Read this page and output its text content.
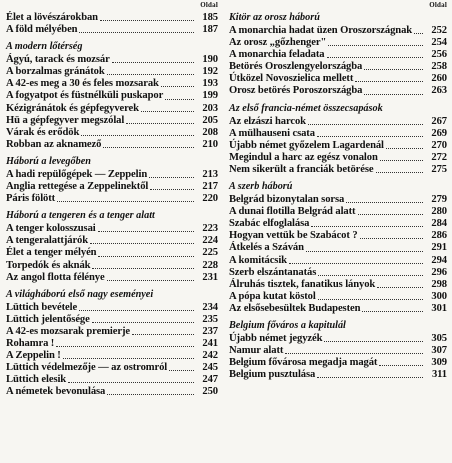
Oldal
Élet a lövészárokban	185
A föld mélyében	187
A modern lőtérség
Ágyú, tarack és mozsár	190
A borzalmas gránátok	192
A 42-es meg a 30 és feles mozsarak	193
A fogyatpot és füstnélküli puskapor	199
Kézigránátok és gépfegyverek	203
Hü a gépfegyver megszólal	205
Várak és erődök	208
Robban az aknamező	210
Háború a levegőben
A hadi repülőgépek — Zeppelin	213
Anglia rettegése a Zeppelinektől	217
Páris fölött	220
Háború a tengeren és a tenger alatt
A tenger kolosszusai	223
A tengeralattjárók	224
Élet a tenger mélyén	225
Torpedók és aknák	228
Az angol flotta félénye	231
A világháború első nagy eseményei
Lüttich bevétele	234
Lüttich jelentősége	235
A 42-es mozsarak premierje	237
Rohamra !	241
A Zeppelin !	242
Lüttich védelmezője — az ostromról	245
Lüttich elesik	247
A németek bevonulása	250
Oldal
Kitör az orosz háború
A monarchia hadat üzen Oroszországnak	252
Az orosz „gőzhenger"	254
A monarchia feladata	256
Betörés Oroszlengyelországba	258
Útközel Novoszielica mellett	260
Orosz betörés Poroszországba	263
Az első francia-német összecsapások
Az elzászi harcok	267
A mülhauseni csata	269
Újabb német győzelem Lagardenál	270
Megindul a harc az egész vonalon	272
Nem sikerült a franciák betörése	275
A szerb háború
Belgrád bizonytalan sorsa	279
A dunai flotilla Belgrád alatt	280
Szabác elfoglalása	284
Hogyan vettük be Szabácot ?	286
Átkelés a Száván	291
A komitácsik	294
Szerb elszántanatás	296
Álruhás tisztek, fanatikus lányok	298
A pópa kutat köstol	300
Az elsősebesültek Budapesten	301
Belgium főváros a kapitulál
Újabb német jegyzék	305
Namur alatt	307
Belgium fővárosa megadja magát	309
Belgium pusztulása	311
